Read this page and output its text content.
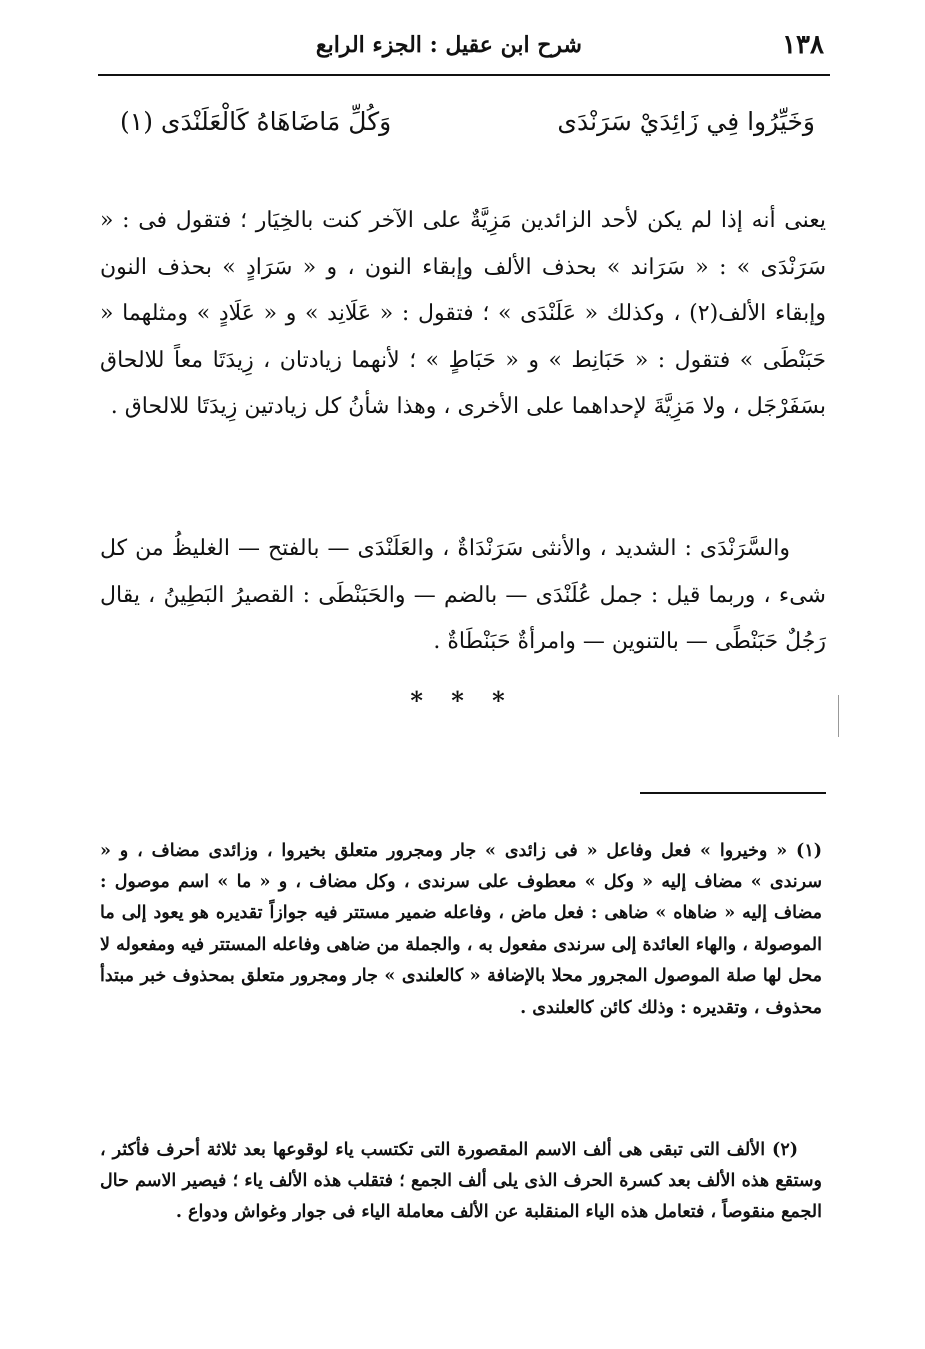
١٣٨
شرح ابن عقيل : الجزء الرابع
وَخَيِّرُوا فِي زَائِدَيْ سَرَنْدَى
وَكُلِّ مَاضَاهَاهُ كَالْعَلَنْدَى (١)

يعنى أنه إذا لم يكن لأحد الزائدين مَزِيَّةٌ على الآخر كنت بالخِيَار ؛ فتقول فى : « سَرَنْدَى » : « سَرَاند » بحذف الألف وإبقاء النون ، و « سَرَادٍ » بحذف النون وإبقاء الألف(٢) ، وكذلك « عَلَنْدَى » ؛ فتقول : « عَلَانِد » و « عَلَادٍ » ومثلهما « حَبَنْطَى » فتقول : « حَبَانِط » و « حَبَاطٍ » ؛ لأنهما زيادتان ، زِيدَتَا معاً للالحاق بسَفَرْجَل ، ولا مَزِيَّةَ لإحداهما على الأخرى ، وهذا شأنُ كل زيادتين زِيدَتَا للالحاق .

والسَّرَنْدَى : الشديد ، والأنثى سَرَنْدَاةٌ ، والعَلَنْدَى — بالفتح — الغليظُ من كل شىء ، وربما قيل : جمل عُلَنْدَى — بالضم — والحَبَنْطَى : القصيرُ البَطِينُ ، يقال رَجُلٌ حَبَنْطًى — بالتنوين — وامرأةٌ حَبَنْطَاةٌ .

* * *

(١) « وخيروا » فعل وفاعل « فى زائدى » جار ومجرور متعلق بخيروا ، وزائدى مضاف ، و « سرندى » مضاف إليه « وكل » معطوف على سرندى ، وكل مضاف ، و « ما » اسم موصول : مضاف إليه « ضاهاه » ضاهى : فعل ماض ، وفاعله ضمير مستتر فيه جوازاً تقديره هو يعود إلى ما الموصولة ، والهاء العائدة إلى سرندى مفعول به ، والجملة من ضاهى وفاعله المستتر فيه ومفعوله لا محل لها صلة الموصول المجرور محلا بالإضافة « كالعلندى » جار ومجرور متعلق بمحذوف خبر مبتدأ محذوف ، وتقديره : وذلك كائن كالعلندى .

(٢) الألف التى تبقى هى ألف الاسم المقصورة التى تكتسب ياء لوقوعها بعد ثلاثة أحرف فأكثر ، وستقع هذه الألف بعد كسرة الحرف الذى يلى ألف الجمع ؛ فتقلب هذه الألف ياء ؛ فيصير الاسم حال الجمع منقوصاً ، فتعامل هذه الياء المنقلبة عن الألف معاملة الياء فى جوار وغواش ودواع .
